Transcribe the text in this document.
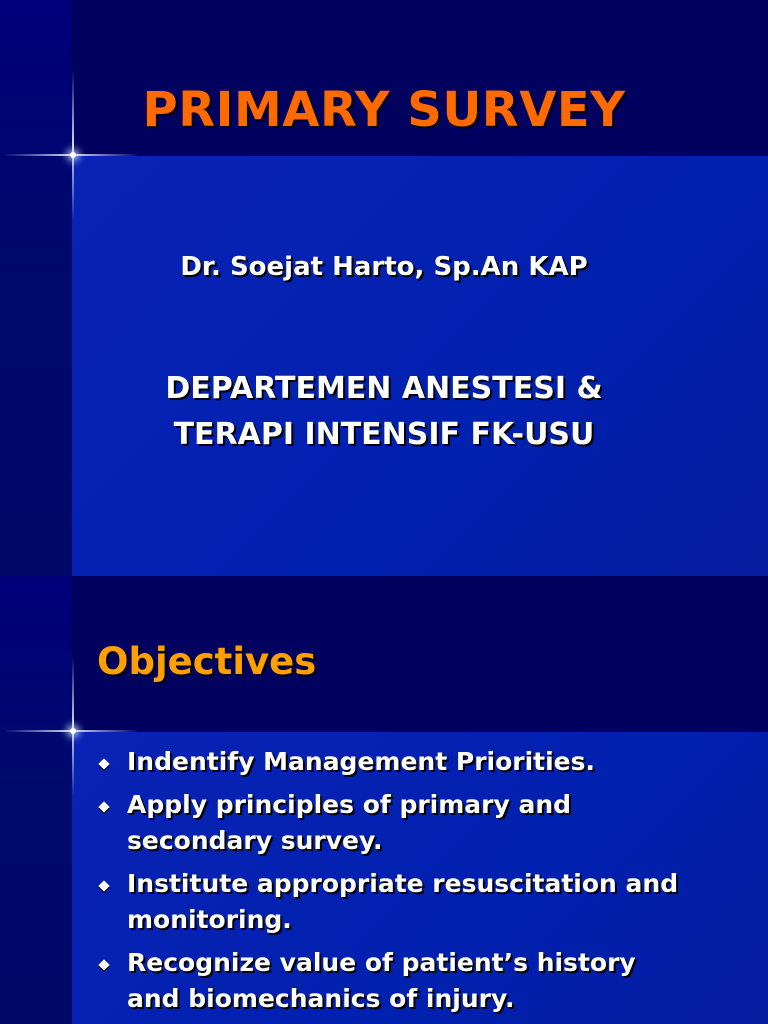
PRIMARY SURVEY
Dr. Soejat Harto, Sp.An KAP
DEPARTEMEN ANESTESI &
TERAPI INTENSIF FK-USU
Objectives
Indentify Management Priorities.
Apply principles of primary and
secondary survey.
Institute appropriate resuscitation and
monitoring.
Recognize value of patient’s history
and biomechanics of injury.
